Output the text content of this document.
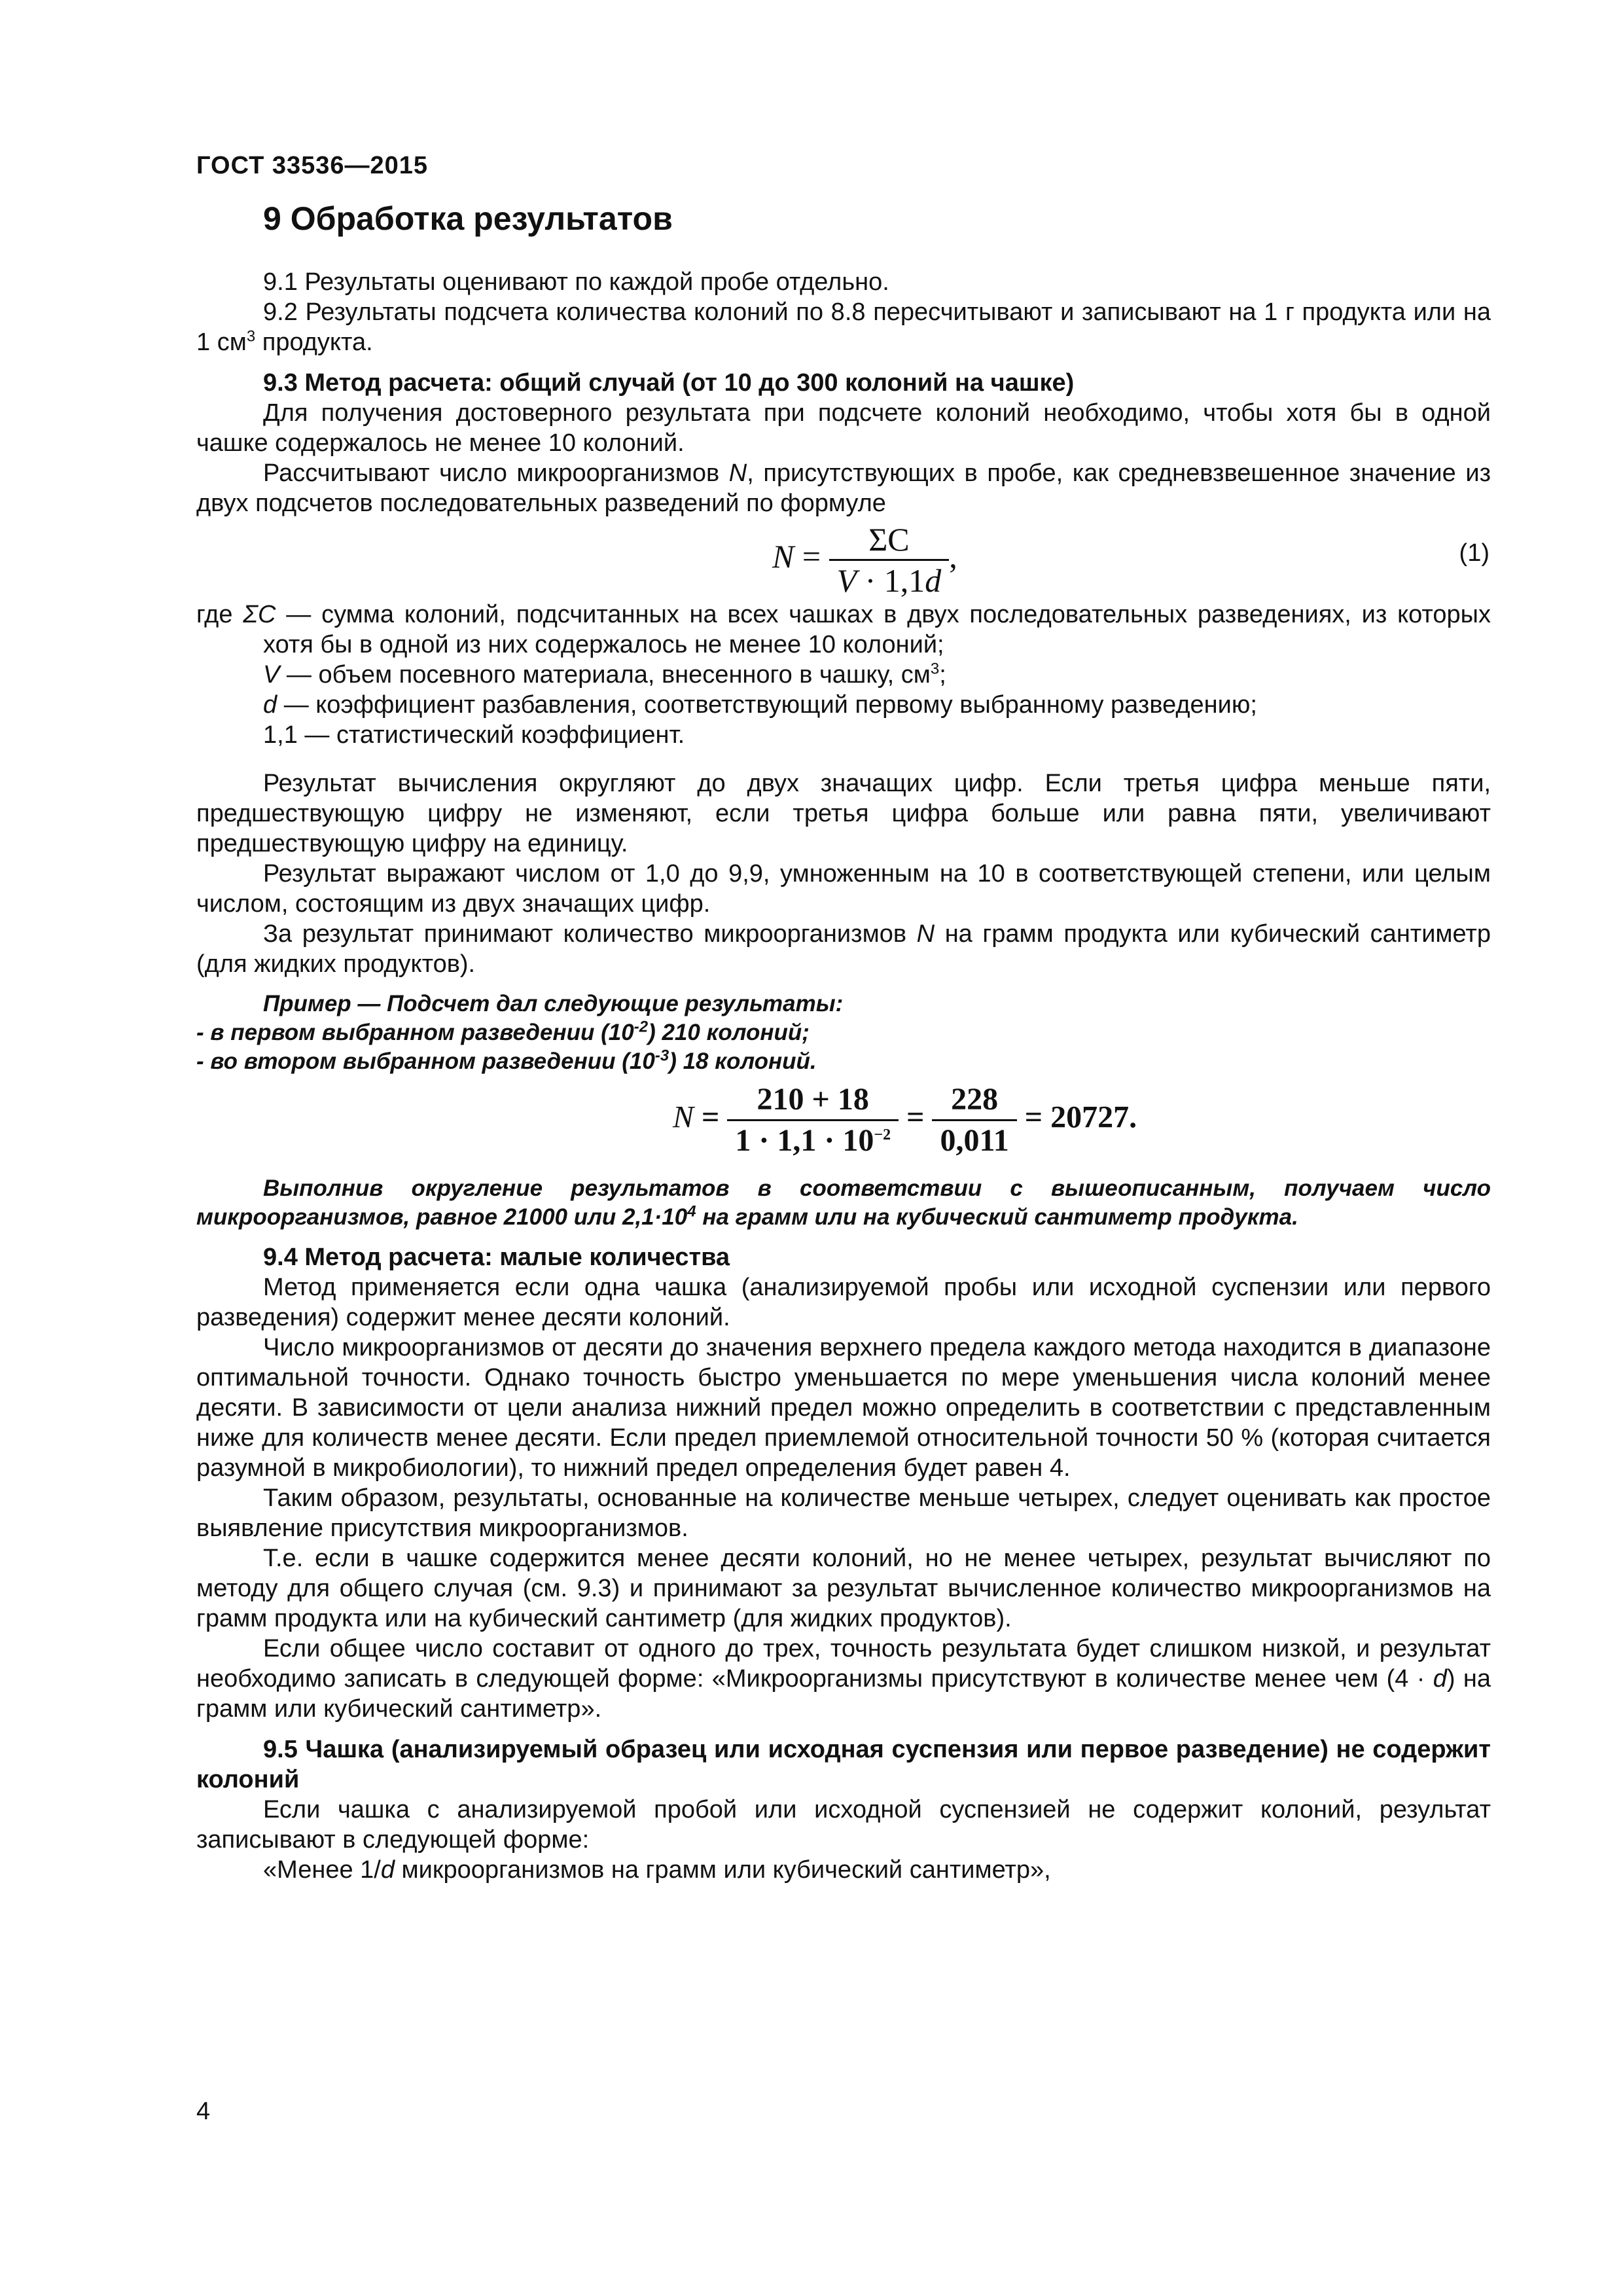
ГОСТ 33536—2015
9 Обработка результатов

9.1 Результаты оценивают по каждой пробе отдельно.

9.2 Результаты подсчета количества колоний по 8.8 пересчитывают и записывают на 1 г продукта или на 1 $см^3$ продукта.

9.3 Метод расчета: общий случай (от 10 до 300 колоний на чашке)

Для получения достоверного результата при подсчете колоний необходимо, чтобы хотя бы в одной чашке содержалось не менее 10 колоний.

Рассчитывают число микроорганизмов N, присутствующих в пробе, как средневзвешенное значение из двух подсчетов последовательных разведений по формуле

$N = \frac{\Sigma C}{V \cdot 1,1d}$ ,	(1)

где ΣC — сумма колоний, подсчитанных на всех чашках в двух последовательных разведениях, из которых хотя бы в одной из них содержалось не менее 10 колоний;

V — объем посевного материала, внесенного в чашку, $см^3$;

d — коэффициент разбавления, соответствующий первому выбранному разведению;

1,1 — статистический коэффициент.

Результат вычисления округляют до двух значащих цифр. Если третья цифра меньше пяти, предшествующую цифру не изменяют, если третья цифра больше или равна пяти, увеличивают предшествующую цифру на единицу.

Результат выражают числом от 1,0 до 9,9, умноженным на 10 в соответствующей степени, или целым числом, состоящим из двух значащих цифр.

За результат принимают количество микроорганизмов N на грамм продукта или кубический сантиметр (для жидких продуктов).

Пример — Подсчет дал следующие результаты:

- в первом выбранном разведении $(10^{-2})$ 210 колоний;

- во втором выбранном разведении $(10^{-3})$ 18 колоний.

$N = \frac{210 + 18}{1 \cdot 1,1 \cdot 10^{-2}} = \frac{228}{0,011} = 20727$.

Выполнив округление результатов в соответствии с вышеописанным, получаем число микроорганизмов, равное 21000 или $2,1\cdot 10^4$ на грамм или на кубический сантиметр продукта.

9.4 Метод расчета: малые количества

Метод применяется если одна чашка (анализируемой пробы или исходной суспензии или первого разведения) содержит менее десяти колоний.

Число микроорганизмов от десяти до значения верхнего предела каждого метода находится в диапазоне оптимальной точности. Однако точность быстро уменьшается по мере уменьшения числа колоний менее десяти. В зависимости от цели анализа нижний предел можно определить в соответствии с представленным ниже для количеств менее десяти. Если предел приемлемой относительной точности 50 % (которая считается разумной в микробиологии), то нижний предел определения будет равен 4.

Таким образом, результаты, основанные на количестве меньше четырех, следует оценивать как простое выявление присутствия микроорганизмов.

Т.е. если в чашке содержится менее десяти колоний, но не менее четырех, результат вычисляют по методу для общего случая (см. 9.3) и принимают за результат вычисленное количество микроорганизмов на грамм продукта или на кубический сантиметр (для жидких продуктов).

Если общее число составит от одного до трех, точность результата будет слишком низкой, и результат необходимо записать в следующей форме: «Микроорганизмы присутствуют в количестве менее чем (4 · d) на грамм или кубический сантиметр».

9.5 Чашка (анализируемый образец или исходная суспензия или первое разведение) не содержит колоний

Если чашка с анализируемой пробой или исходной суспензией не содержит колоний, результат записывают в следующей форме:

«Менее 1/d микроорганизмов на грамм или кубический сантиметр»,

4
